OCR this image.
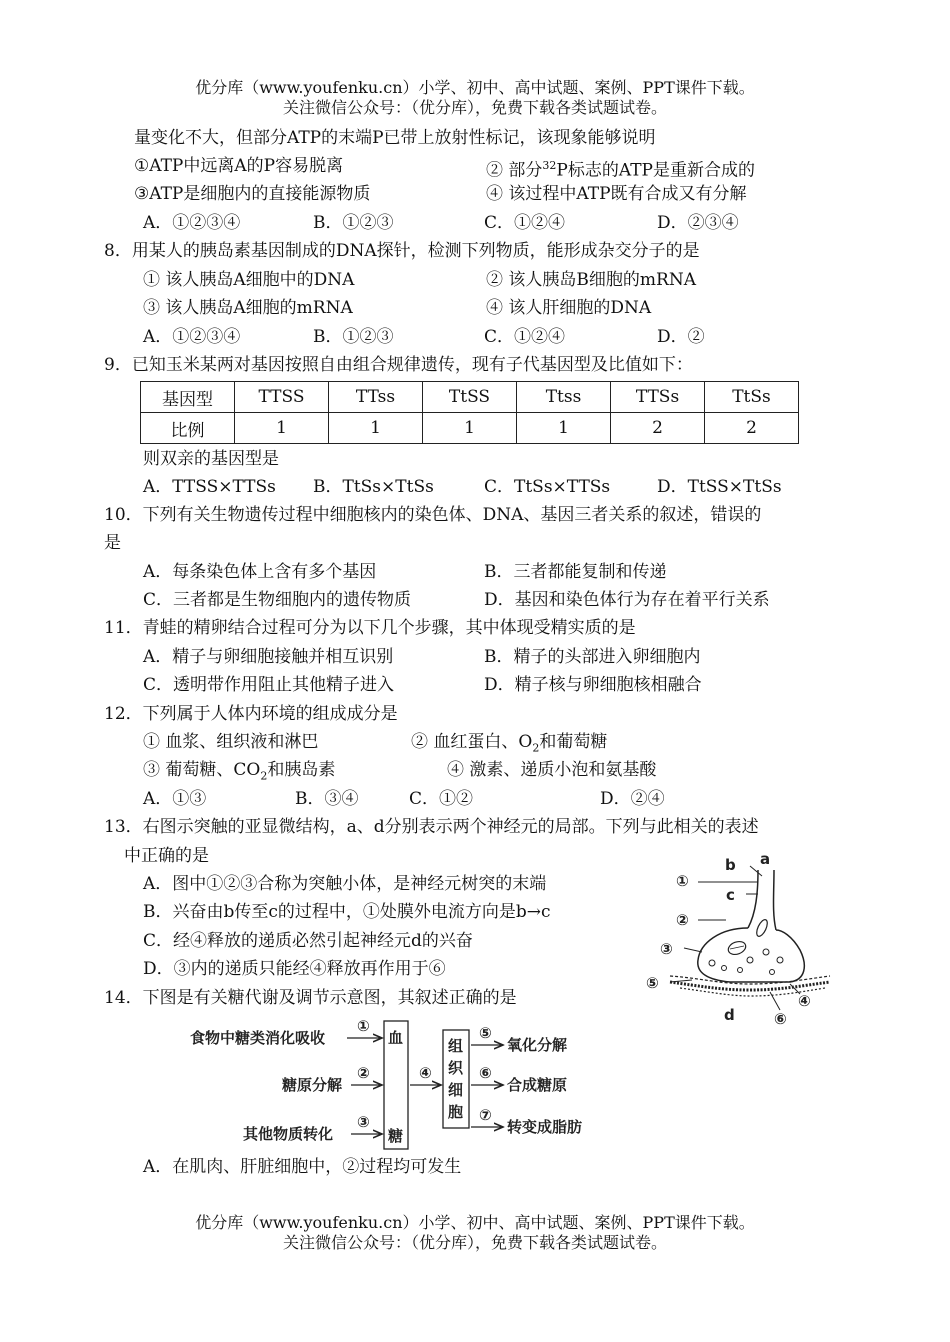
优分库（www.youfenku.cn）小学、初中、高中试题、案例、PPT课件下载。
关注微信公众号：（优分库），免费下载各类试题试卷。
量变化不大，但部分ATP的末端P已带上放射性标记，该现象能够说明
①ATP中远离A的P容易脱离	② 部分$^{32}$P标志的ATP是重新合成的
③ATP是细胞内的直接能源物质	④ 该过程中ATP既有合成又有分解
A．①②③④	B．①②③	C．①②④	D．②③④
8．用某人的胰岛素基因制成的DNA探针，检测下列物质，能形成杂交分子的是
① 该人胰岛A细胞中的DNA	② 该人胰岛B细胞的mRNA
③ 该人胰岛A细胞的mRNA	④ 该人肝细胞的DNA
A．①②③④	B．①②③	C．①②④	D．②
9．已知玉米某两对基因按照自由组合规律遗传，现有子代基因型及比值如下：
基因型	TTSS	TTss	TtSS	Ttss	TTSs	TtSs
比例	1	1	1	1	2	2
则双亲的基因型是
A．TTSS×TTSs B．TtSs×TtSs	C．TtSs×TTSs	D．TtSS×TtSs
10．下列有关生物遗传过程中细胞核内的染色体、DNA、基因三者关系的叙述，错误的
是
A．每条染色体上含有多个基因	B．三者都能复制和传递
C．三者都是生物细胞内的遗传物质	D．基因和染色体行为存在着平行关系
11．青蛙的精卵结合过程可分为以下几个步骤，其中体现受精实质的是
A．精子与卵细胞接触并相互识别	B．精子的头部进入卵细胞内
C．透明带作用阻止其他精子进入	D．精子核与卵细胞核相融合
12．下列属于人体内环境的组成成分是
① 血浆、组织液和淋巴	② 血红蛋白、$O_2$和葡萄糖
③ 葡萄糖、$CO_2$和胰岛素	④ 激素、递质小泡和氨基酸
A．①③	B．③④	C．①②	D．②④
13．右图示突触的亚显微结构，a、d分别表示两个神经元的局部。下列与此相关的表述
中正确的是
A．图中①②③合称为突触小体，是神经元树突的末端
B．兴奋由b传至c的过程中，①处膜外电流方向是b→c
C．经④释放的递质必然引起神经元d的兴奋
D．③内的递质只能经④释放再作用于⑥
b a
c
①
②
③
⑤
④
⑥
d
14．下图是有关糖代谢及调节示意图，其叙述正确的是
食物中糖类消化吸收
糖原分解
其他物质转化
①
②
③
血
糖
④
组
织
细
胞
⑤
⑥
⑦
氧化分解
合成糖原
转变成脂肪
A．在肌肉、肝脏细胞中，②过程均可发生
优分库（www.youfenku.cn）小学、初中、高中试题、案例、PPT课件下载。
关注微信公众号：（优分库），免费下载各类试题试卷。
